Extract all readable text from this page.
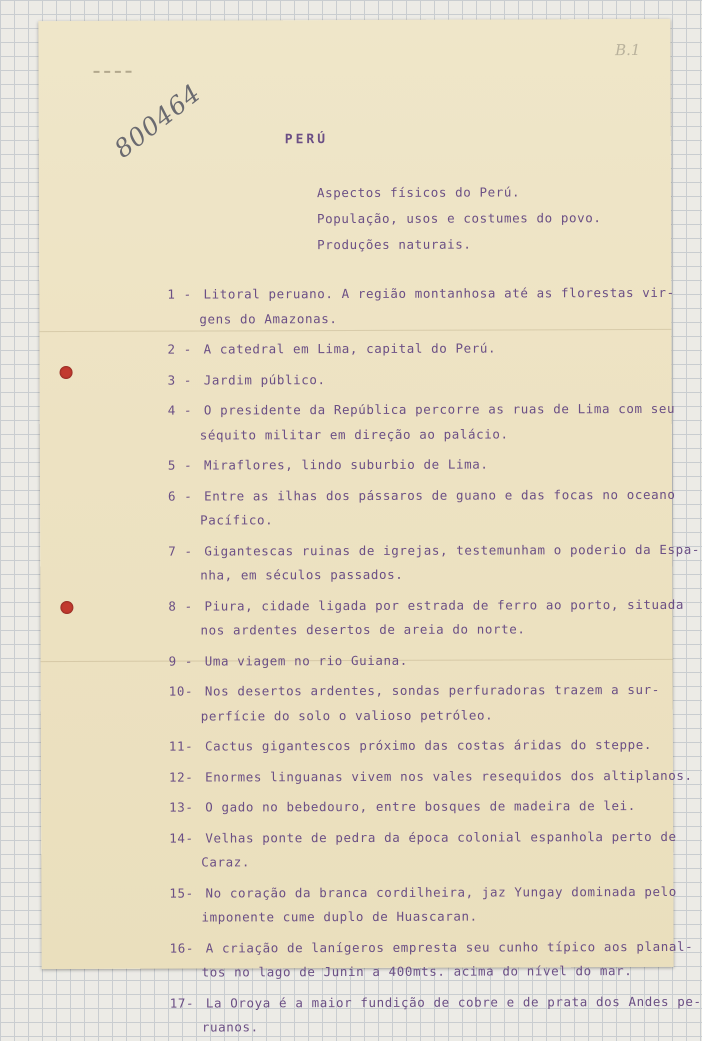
800464
B.1
PERÚ
Aspectos físicos do Perú.
População, usos e costumes do povo.
Produções naturais.
1 - Litoral peruano. A região montanhosa até as florestas vir-
gens do Amazonas.
2 - A catedral em Lima, capital do Perú.
3 - Jardim público.
4 - O presidente da República percorre as ruas de Lima com seu
séquito militar em direção ao palácio.
5 - Miraflores, lindo suburbio de Lima.
6 - Entre as ilhas dos pássaros de guano e das focas no oceano
Pacífico.
7 - Gigantescas ruinas de igrejas, testemunham o poderio da Espa-
nha, em séculos passados.
8 - Piura, cidade ligada por estrada de ferro ao porto, situada
nos ardentes desertos de areia do norte.
9 - Uma viagem no rio Guiana.
10- Nos desertos ardentes, sondas perfuradoras trazem a sur-
perfície do solo o valioso petróleo.
11- Cactus gigantescos próximo das costas áridas do steppe.
12- Enormes linguanas vivem nos vales resequidos dos altiplanos.
13- O gado no bebedouro, entre bosques de madeira de lei.
14- Velhas ponte de pedra da época colonial espanhola perto de
Caraz.
15- No coração da branca cordilheira, jaz Yungay dominada pelo
imponente cume duplo de Huascaran.
16- A criação de lanígeros empresta seu cunho típico aos planal-
tos no lago de Junin a 400mts. acima do nível do mar.
17- La Oroya é a maior fundição de cobre e de prata dos Andes pe-
ruanos.
